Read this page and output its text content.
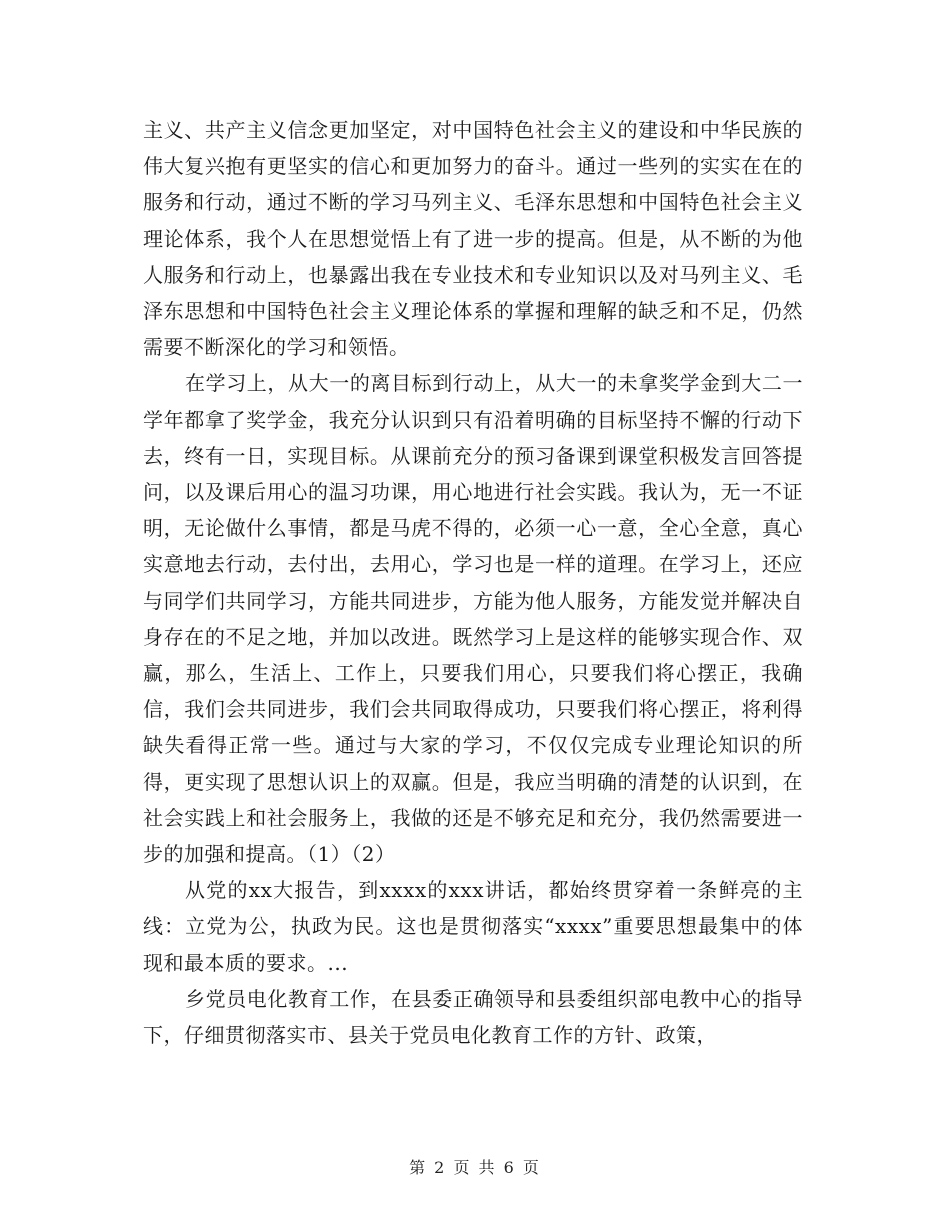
主义、共产主义信念更加坚定，对中国特色社会主义的建设和中华民族的伟大复兴抱有更坚实的信心和更加努力的奋斗。通过一些列的实实在在的服务和行动，通过不断的学习马列主义、毛泽东思想和中国特色社会主义理论体系，我个人在思想觉悟上有了进一步的提高。但是，从不断的为他人服务和行动上，也暴露出我在专业技术和专业知识以及对马列主义、毛泽东思想和中国特色社会主义理论体系的掌握和理解的缺乏和不足，仍然需要不断深化的学习和领悟。

在学习上，从大一的离目标到行动上，从大一的未拿奖学金到大二一学年都拿了奖学金，我充分认识到只有沿着明确的目标坚持不懈的行动下去，终有一日，实现目标。从课前充分的预习备课到课堂积极发言回答提问，以及课后用心的温习功课，用心地进行社会实践。我认为，无一不证明，无论做什么事情，都是马虎不得的，必须一心一意，全心全意，真心实意地去行动，去付出，去用心，学习也是一样的道理。在学习上，还应与同学们共同学习，方能共同进步，方能为他人服务，方能发觉并解决自身存在的不足之地，并加以改进。既然学习上是这样的能够实现合作、双赢，那么，生活上、工作上，只要我们用心，只要我们将心摆正，我确信，我们会共同进步，我们会共同取得成功，只要我们将心摆正，将利得缺失看得正常一些。通过与大家的学习，不仅仅完成专业理论知识的所得，更实现了思想认识上的双赢。但是，我应当明确的清楚的认识到，在社会实践上和社会服务上，我做的还是不够充足和充分，我仍然需要进一步的加强和提高。（1）（2）

从党的xx大报告，到xxxx的xxx讲话，都始终贯穿着一条鲜亮的主线：立党为公，执政为民。这也是贯彻落实“xxxx”重要思想最集中的体现和最本质的要求。...

乡党员电化教育工作，在县委正确领导和县委组织部电教中心的指导下，仔细贯彻落实市、县关于党员电化教育工作的方针、政策，

第 2 页 共 6 页
